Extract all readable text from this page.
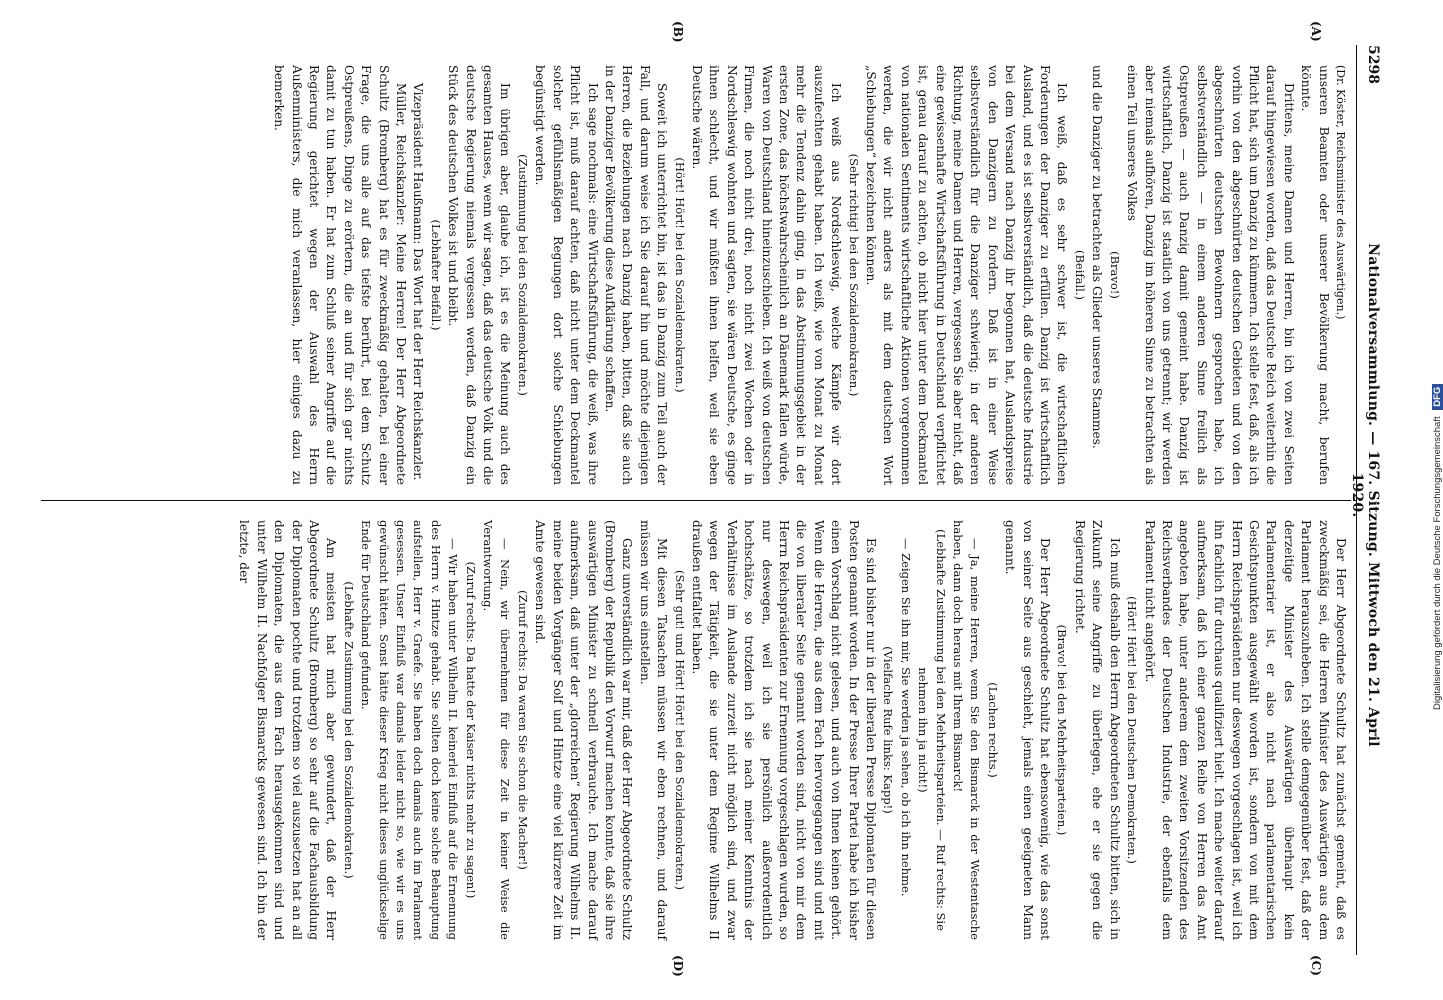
5298
Nationalversammlung. — 167. Sitzung. Mittwoch den 21. April 1920.
(A)
(B)
(C)
(D)

(Dr. Köster, Reichsminister des Auswärtigen.)

unseren Beamten oder unserer Bevölkerung macht, berufen könnte.

Drittens, meine Damen und Herren, bin ich von zwei Seiten darauf hingewiesen worden, daß das Deutsche Reich weiterhin die Pflicht hat, sich um Danzig zu kümmern. Ich stelle fest, daß, als ich vorhin von den abgeschnürten deutschen Gebieten und von den abgeschnürten deutschen Bewohnern gesprochen habe, ich selbstverständlich — in einem anderen Sinne freilich als Ostpreußen — auch Danzig damit gemeint habe. Danzig ist wirtschaftlich, Danzig ist staatlich von uns getrennt; wir werden aber niemals aufhören, Danzig im höheren Sinne zu betrachten als einen Teil unseres Volkes

(Bravo!)

und die Danziger zu betrachten als Glieder unseres Stammes.

(Beifall.)

Ich weiß, daß es sehr schwer ist, die wirtschaftlichen Forderungen der Danziger zu erfüllen. Danzig ist wirtschaftlich Ausland, und es ist selbstverständlich, daß die deutsche Industrie bei dem Versand nach Danzig ihr begonnen hat, Auslandspreise von den Danzigern zu fordern. Daß ist in einer Weise selbstverständlich für die Danziger schwierig; in der anderen Richtung, meine Damen und Herren, vergessen Sie aber nicht, daß eine gewissenhafte Wirtschaftsführung in Deutschland verpflichtet ist, genau darauf zu achten, ob nicht hier unter dem Deckmantel von nationalen Sentiments wirtschaftliche Aktionen vorgenommen werden, die wir nicht anders als mit dem deutschen Wort „Schiebungen“ bezeichnen können.

(Sehr richtig! bei den Sozialdemokraten.)

Ich weiß aus Nordschleswig, welche Kämpfe wir dort auszufechten gehabt haben. Ich weiß, wie von Monat zu Monat mehr die Tendenz dahin ging, in das Abstimmungsgebiet in der ersten Zone, das höchstwahrscheinlich an Dänemark fallen würde, Waren von Deutschland hineinzuschieben. Ich weiß von deutschen Firmen, die noch nicht drei, noch nicht zwei Wochen oder in Nordschleswig wohnten und sagten, sie wären Deutsche, es ginge ihnen schlecht, und wir müßten ihnen helfen, weil sie eben Deutsche wären.

(Hört! Hört! bei den Sozialdemokraten.)

Soweit ich unterrichtet bin, ist das in Danzig zum Teil auch der Fall, und darum weise ich Sie darauf hin und möchte diejenigen Herren, die Beziehungen nach Danzig haben, bitten, daß sie auch in der Danziger Bevölkerung diese Aufklärung schaffen.

Ich sage nochmals: eine Wirtschaftsführung, die weiß, was ihre Pflicht ist, muß darauf achten, daß nicht unter dem Deckmantel solcher gefühlsmäßigen Regungen dort solche Schiebungen begünstigt werden.

(Zustimmung bei den Sozialdemokraten.)

Im übrigen aber, glaube ich, ist es die Meinung auch des gesamten Hauses, wenn wir sagen, daß das deutsche Volk und die deutsche Regierung niemals vergessen werden, daß Danzig ein Stück des deutschen Volkes ist und bleibt.

(Lebhafter Beifall.)

Vizepräsident Haußmann: Das Wort hat der Herr Reichskanzler.

Müller, Reichskanzler: Meine Herren! Der Herr Abgeordnete Schultz (Bromberg) hat es für zweckmäßig gehalten, bei einer Frage, die uns alle auf das tiefste berührt, bei dem Schutz Ostpreußens, Dinge zu erörtern, die an und für sich gar nichts damit zu tun haben. Er hat zum Schluß seiner Angriffe auf die Regierung gerichtet wegen der Auswahl des Herrn Außenministers, die mich veranlassen, hier einiges dazu zu bemerken.

Der Herr Abgeordnete Schultz hat zunächst gemeint, daß es zweckmäßig sei, die Herren Minister des Auswärtigen aus dem Parlament herauszuheben. Ich stelle demgegenüber fest, daß der derzeitige Minister des Auswärtigen überhaupt kein Parlamentarier ist, er also nicht nach parlamentarischen Gesichtspunkten ausgewählt worden ist, sondern von mit dem Herrn Reichspräsidenten nur deswegen vorgeschlagen ist, weil ich ihn fachlich für durchaus qualifiziert hielt. Ich mache weiter darauf aufmerksam, daß ich einer ganzen Reihe von Herren das Amt angeboten habe, unter anderem dem zweiten Vorsitzenden des Reichsverbandes der Deutschen Industrie, der ebenfalls dem Parlament nicht angehört.

(Hört! Hört! bei den Deutschen Demokraten.)

Ich muß deshalb den Herrn Abgeordneten Schultz bitten, sich in Zukunft seine Angriffe zu überlegen, ehe er sie gegen die Regierung richtet.

(Bravo! bei den Mehrheitsparteien.)

Der Herr Abgeordnete Schultz hat ebensowenig, wie das sonst von seiner Seite aus geschieht, jemals einen geeigneten Mann genannt.

(Lachen rechts.)

— Ja, meine Herren, wenn Sie den Bismarck in der Westentasche haben, dann doch heraus mit Ihrem Bismarck!

(Lebhafte Zustimmung bei den Mehrheitsparteien. — Ruf rechts: Sie nehmen ihn ja nicht!)

— Zeigen Sie ihn mir, Sie werden ja sehen, ob ich ihn nehme.

(Vielfache Rufe links: Kapp!)

Es sind bisher nur in der liberalen Presse Diplomaten für diesen Posten genannt worden. In der Presse Ihrer Partei habe ich bisher einen Vorschlag nicht gelesen, und auch von Ihnen keinen gehört. Wenn die Herren, die aus dem Fach hervorgegangen sind und mit die von liberaler Seite genannt worden sind, nicht von mir dem Herrn Reichspräsidenten zur Ernennung vorgeschlagen wurden, so nur deswegen, weil ich sie persönlich außerordentlich hochschätze, so trotzdem ich sie nach meiner Kenntnis der Verhältnisse im Auslande zurzeit nicht möglich sind, und zwar wegen der Tätigkeit, die sie unter dem Regime Wilhelms II draußen entfaltet haben.

(Sehr gut! und Hört! Hört! bei den Sozialdemokraten.)

Mit diesen Tatsachen müssen wir eben rechnen, und darauf müssen wir uns einstellen.

Ganz unverständlich war mir, daß der Herr Abgeordnete Schultz (Bromberg) der Republik den Vorwurf machen konnte, daß sie ihre auswärtigen Minister zu schnell verbrauche. Ich mache darauf aufmerksam, daß unter der „glorreichen“ Regierung Wilhelms II. meine beiden Vorgänger Solf und Hintze eine viel kürzere Zeit im Amte gewesen sind.

(Zuruf rechts: Da waren Sie schon die Macher!)

— Nein, wir übernehmen für diese Zeit in keiner Weise die Verantwortung.

(Zuruf rechts: Da hatte der Kaiser nichts mehr zu sagen!)

— Wir haben unter Wilhelm II. keinerlei Einfluß auf die Ernennung des Herrn v. Hintze gehabt. Sie sollten doch keine solche Behauptung aufstellen, Herr v. Graefe. Sie haben doch damals auch im Parlament gesessen. Unser Einfluß war damals leider nicht so, wie wir es uns gewünscht hätten. Sonst hätte dieser Krieg nicht dieses unglückselige Ende für Deutschland gefunden.

(Lebhafte Zustimmung bei den Sozialdemokraten.)

Am meisten hat mich aber gewundert, daß der Herr Abgeordnete Schultz (Bromberg) so sehr auf die Fachausbildung der Diplomaten pochte und trotzdem so viel auszusetzen hat an all den Diplomaten, die aus dem Fach herausgekommen sind und unter Wilhelm II. Nachfolger Bismarcks gewesen sind. Ich bin der letzte, der	Digitalisierung gefördert durch die Deutsche Forschungsgemeinschaft DFG
